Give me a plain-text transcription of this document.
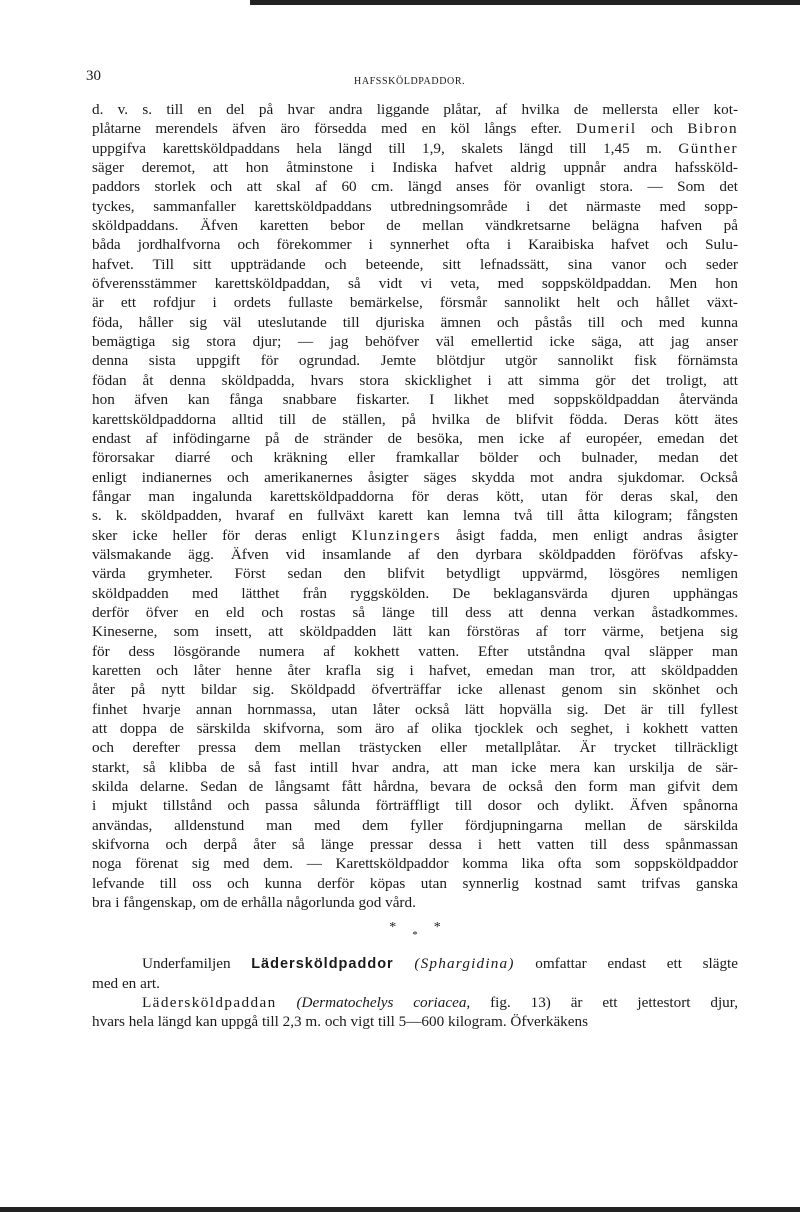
30	HAFSSKÖLDPADDOR.
d. v. s. till en del på hvar andra liggande plåtar, af hvilka de mellersta eller kot-
plåtarne merendels äfven äro försedda med en köl långs efter. Dumeril och Bibron
uppgifva karettsköldpaddans hela längd till 1,9, skalets längd till 1,45 m. Günther
säger deremot, att hon åtminstone i Indiska hafvet aldrig uppnår andra hafssköld-
paddors storlek och att skal af 60 cm. längd anses för ovanligt stora. — Som det
tyckes, sammanfaller karettsköldpaddans utbredningsområde i det närmaste med sopp-
sköldpaddans. Äfven karetten bebor de mellan vändkretsarne belägna hafven på
båda jordhalfvorna och förekommer i synnerhet ofta i Karaibiska hafvet och Sulu-
hafvet. Till sitt uppträdande och beteende, sitt lefnadssätt, sina vanor och seder
öfverensstämmer karettsköldpaddan, så vidt vi veta, med soppsköldpaddan. Men hon
är ett rofdjur i ordets fullaste bemärkelse, försmår sannolikt helt och hållet växt-
föda, håller sig väl uteslutande till djuriska ämnen och påstås till och med kunna
bemägtiga sig stora djur; — jag behöfver väl emellertid icke säga, att jag anser
denna sista uppgift för ogrundad. Jemte blötdjur utgör sannolikt fisk förnämsta
födan åt denna sköldpadda, hvars stora skicklighet i att simma gör det troligt, att
hon äfven kan fånga snabbare fiskarter. I likhet med soppsköldpaddan återvända
karettsköldpaddorna alltid till de ställen, på hvilka de blifvit födda. Deras kött ätes
endast af infödingarne på de stränder de besöka, men icke af européer, emedan det
förorsakar diarré och kräkning eller framkallar bölder och bulnader, medan det
enligt indianernes och amerikanernes åsigter säges skydda mot andra sjukdomar. Också
fångar man ingalunda karettsköldpaddorna för deras kött, utan för deras skal, den
s. k. sköldpadden, hvaraf en fullväxt karett kan lemna två till åtta kilogram; fångsten
sker icke heller för deras enligt Klunzingers åsigt fadda, men enligt andras åsigter
välsmakande ägg. Äfven vid insamlande af den dyrbara sköldpadden föröfvas afsky-
värda grymheter. Först sedan den blifvit betydligt uppvärmd, lösgöres nemligen
sköldpadden med lätthet från ryggskölden. De beklagansvärda djuren upphängas
derför öfver en eld och rostas så länge till dess att denna verkan åstadkommes.
Kineserne, som insett, att sköldpadden lätt kan förstöras af torr värme, betjena sig
för dess lösgörande numera af kokhett vatten. Efter utståndna qval släpper man
karetten och låter henne åter krafla sig i hafvet, emedan man tror, att sköldpadden
åter på nytt bildar sig. Sköldpadd öfverträffar icke allenast genom sin skönhet och
finhet hvarje annan hornmassa, utan låter också lätt hopvälla sig. Det är till fyllest
att doppa de särskilda skifvorna, som äro af olika tjocklek och seghet, i kokhett vatten
och derefter pressa dem mellan trästycken eller metallplåtar. Är trycket tillräckligt
starkt, så klibba de så fast intill hvar andra, att man icke mera kan urskilja de sär-
skilda delarne. Sedan de långsamt fått hårdna, bevara de också den form man gifvit dem
i mjukt tillstånd och passa sålunda förträffligt till dosor och dylikt. Äfven spånorna
användas, alldenstund man med dem fyller fördjupningarna mellan de särskilda
skifvorna och derpå åter så länge pressar dessa i hett vatten till dess spånmassan
noga förenat sig med dem. — Karettsköldpaddor komma lika ofta som soppsköldpaddor
lefvande till oss och kunna derför köpas utan synnerlig kostnad samt trifvas ganska
bra i fångenskap, om de erhålla någorlunda god vård.
* $_*$ *
Underfamiljen Lädersköldpaddor (Sphargidina) omfattar endast ett slägte
med en art.
Lädersköldpaddan (Dermatochelys coriacea, fig. 13) är ett jettestort djur,
hvars hela längd kan uppgå till 2,3 m. och vigt till 5—600 kilogram. Öfverkäkens
